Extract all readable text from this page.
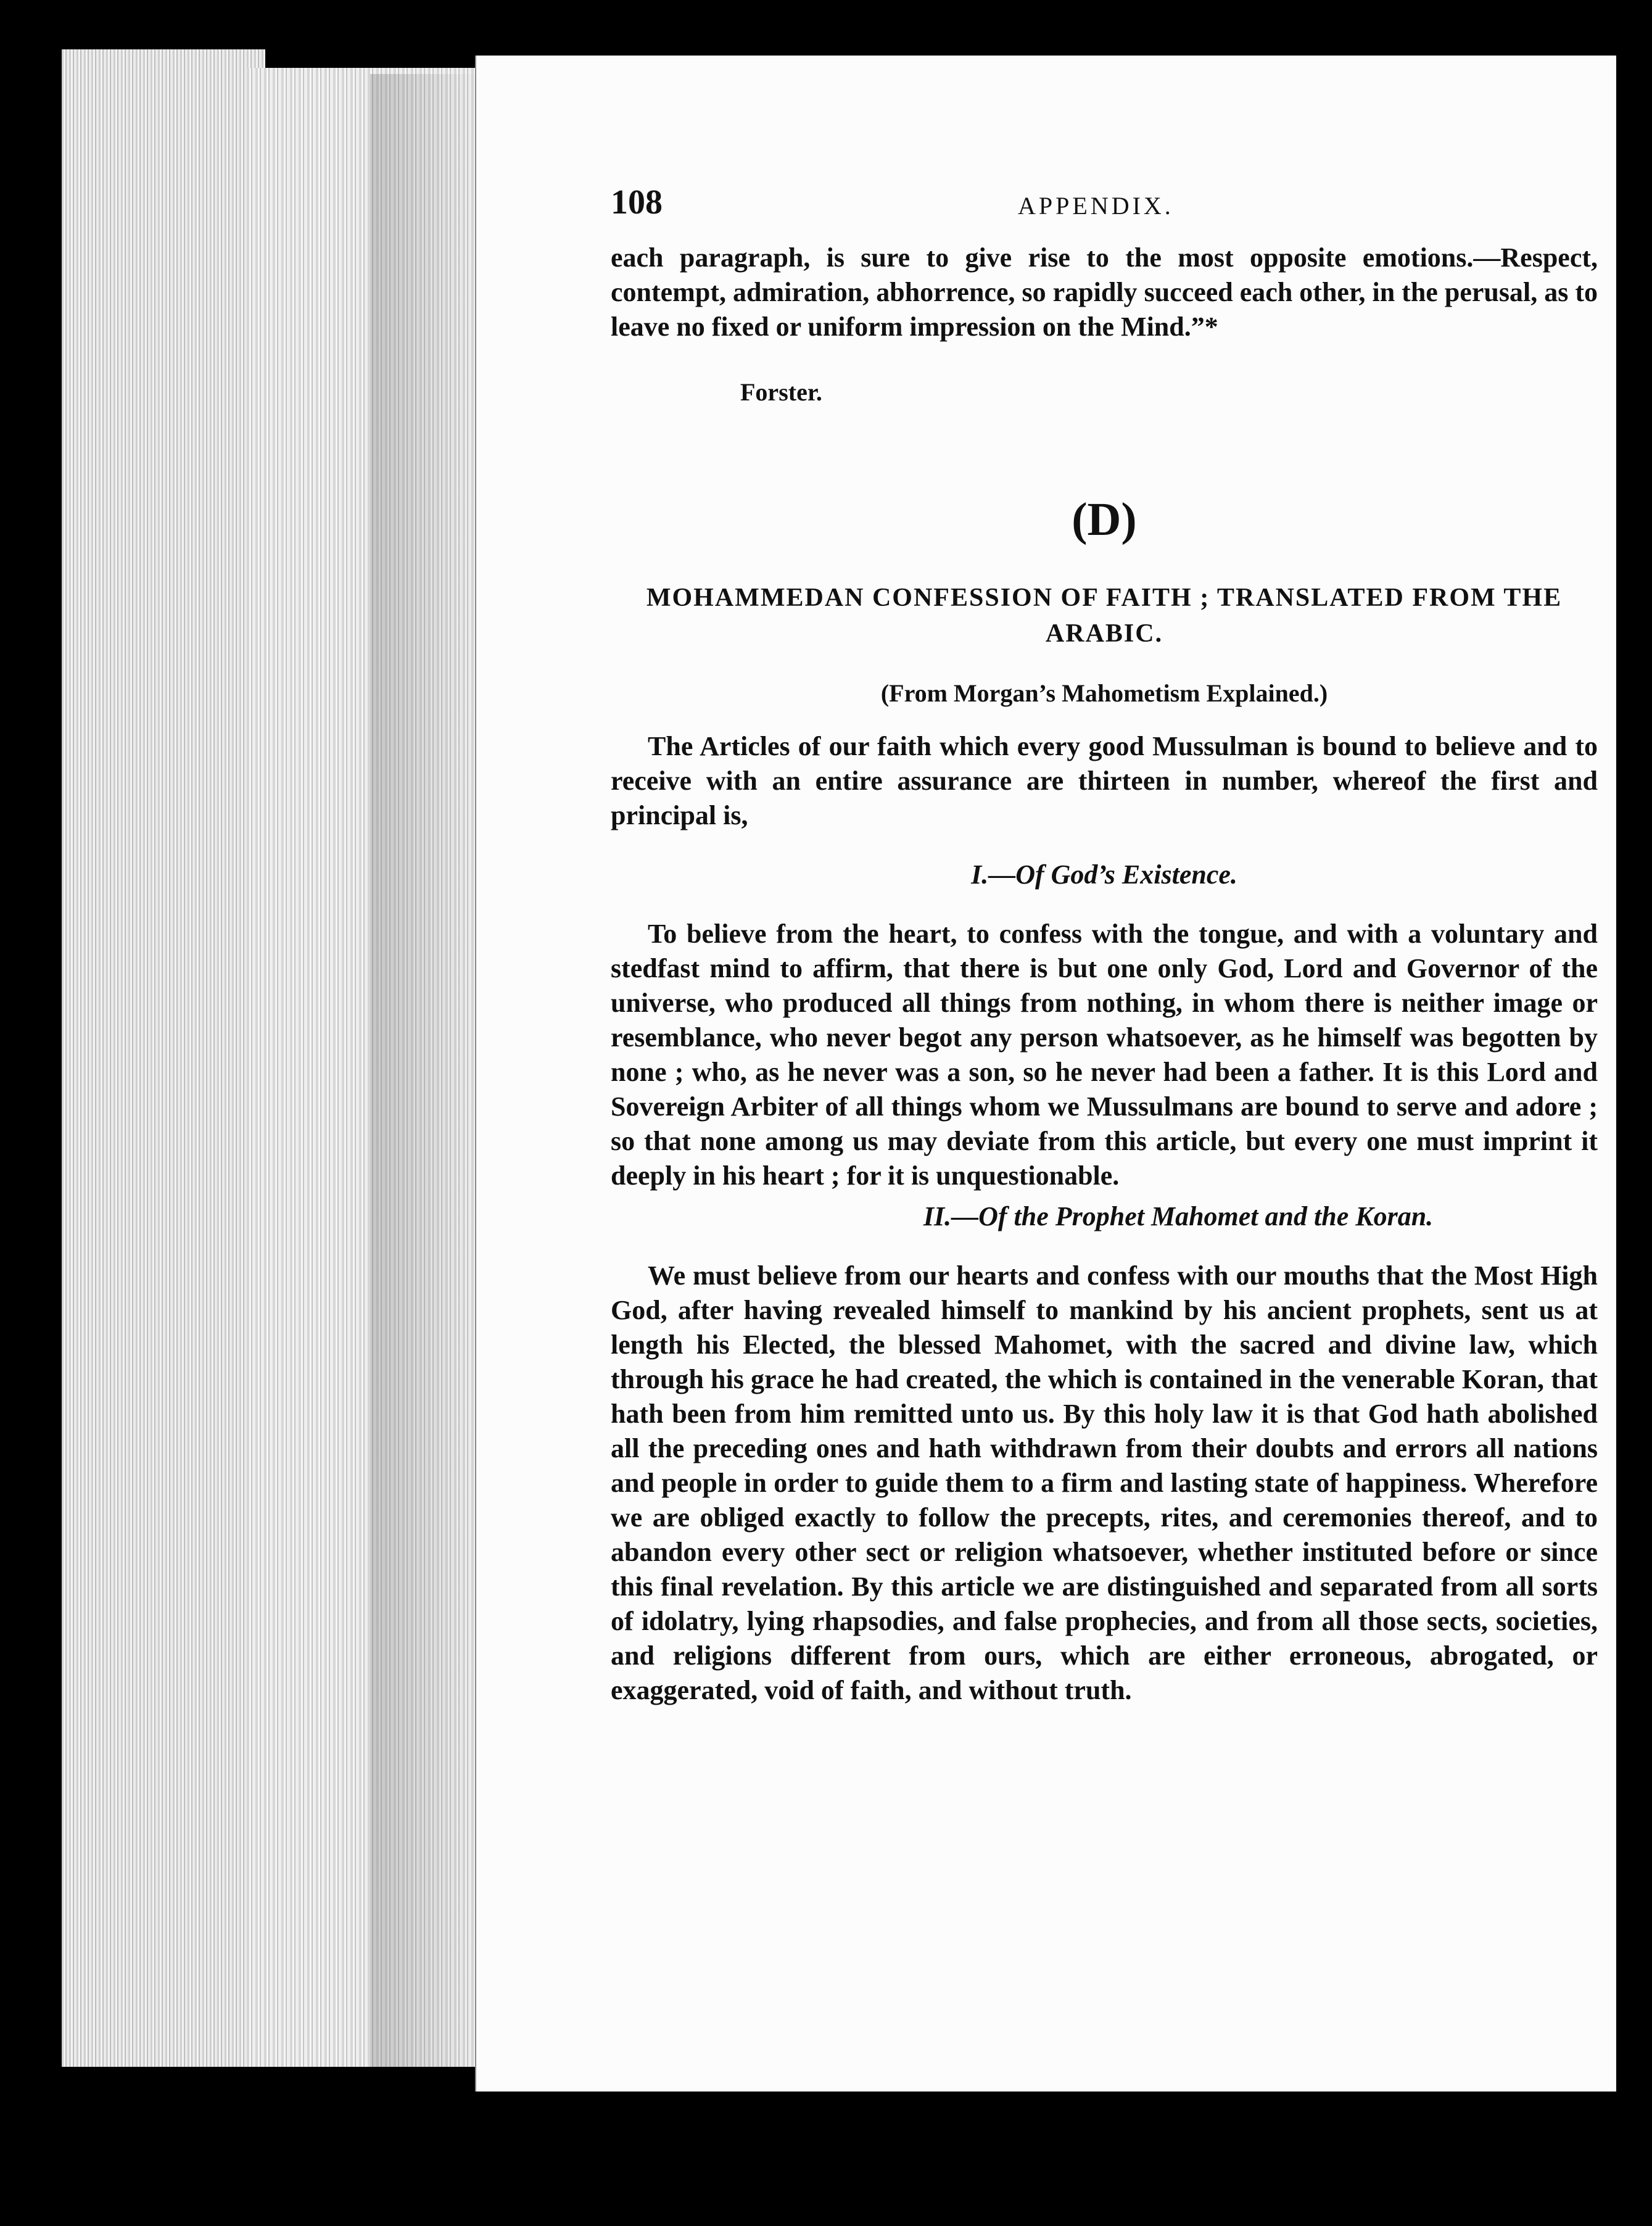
108	APPENDIX.

each paragraph, is sure to give rise to the most opposite emotions.—Respect, contempt, admiration, abhorrence, so rapidly succeed each other, in the perusal, as to leave no fixed or uniform impression on the Mind.”*

Forster.
(D)
MOHAMMEDAN CONFESSION OF FAITH ; TRANSLATED FROM THE ARABIC.
(From Morgan’s Mahometism Explained.)

The Articles of our faith which every good Mussulman is bound to believe and to receive with an entire assurance are thirteen in number, whereof the first and principal is,

I.—Of God’s Existence.

To believe from the heart, to confess with the tongue, and with a voluntary and stedfast mind to affirm, that there is but one only God, Lord and Governor of the universe, who produced all things from nothing, in whom there is neither image or resemblance, who never begot any person whatsoever, as he himself was begotten by none ; who, as he never was a son, so he never had been a father. It is this Lord and Sovereign Arbiter of all things whom we Mussulmans are bound to serve and adore ; so that none among us may deviate from this article, but every one must imprint it deeply in his heart ; for it is unquestionable.

II.—Of the Prophet Mahomet and the Koran.

We must believe from our hearts and confess with our mouths that the Most High God, after having revealed himself to mankind by his ancient prophets, sent us at length his Elected, the blessed Mahomet, with the sacred and divine law, which through his grace he had created, the which is contained in the venerable Koran, that hath been from him remitted unto us. By this holy law it is that God hath abolished all the preceding ones and hath withdrawn from their doubts and errors all nations and people in order to guide them to a firm and lasting state of happiness. Wherefore we are obliged exactly to follow the precepts, rites, and ceremonies thereof, and to abandon every other sect or religion whatsoever, whether instituted before or since this final revelation. By this article we are distinguished and separated from all sorts of idolatry, lying rhapsodies, and false prophecies, and from all those sects, societies, and religions different from ours, which are either erroneous, abrogated, or exaggerated, void of faith, and without truth.
